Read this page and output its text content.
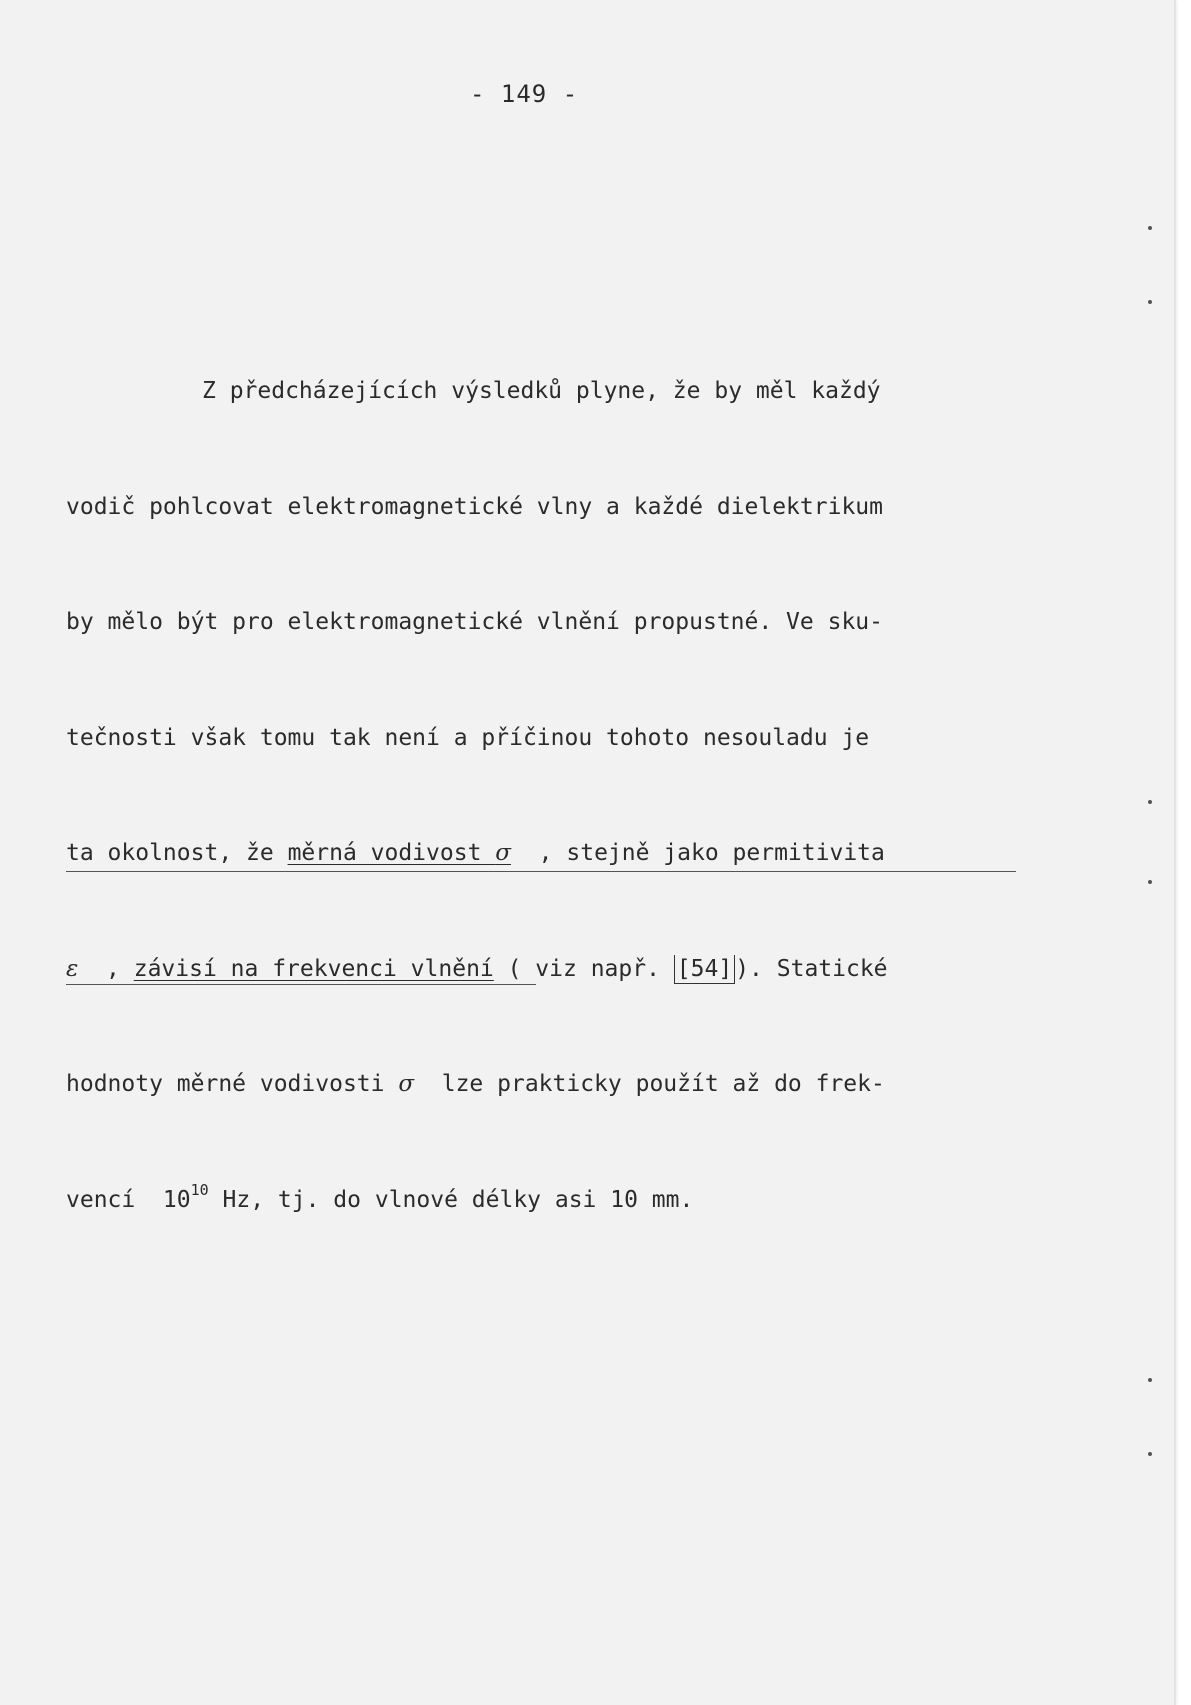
- 149 -

Z předcházejících výsledků plyne, že by měl každý

vodič pohlcovat elektromagnetické vlny a každé dielektrikum

by mělo být pro elektromagnetické vlnění propustné. Ve sku-

tečnosti však tomu tak není a příčinou tohoto nesouladu je

ta okolnost, že měrná vodivost σ  , stejně jako permitivita

ε  , závisí na frekvenci vlnění ( viz např. [54] ). Statické

hodnoty měrné vodivosti σ  lze prakticky použít až do frek-

vencí  $10^{10}$ Hz, tj. do vlnové délky asi 10 mm.
